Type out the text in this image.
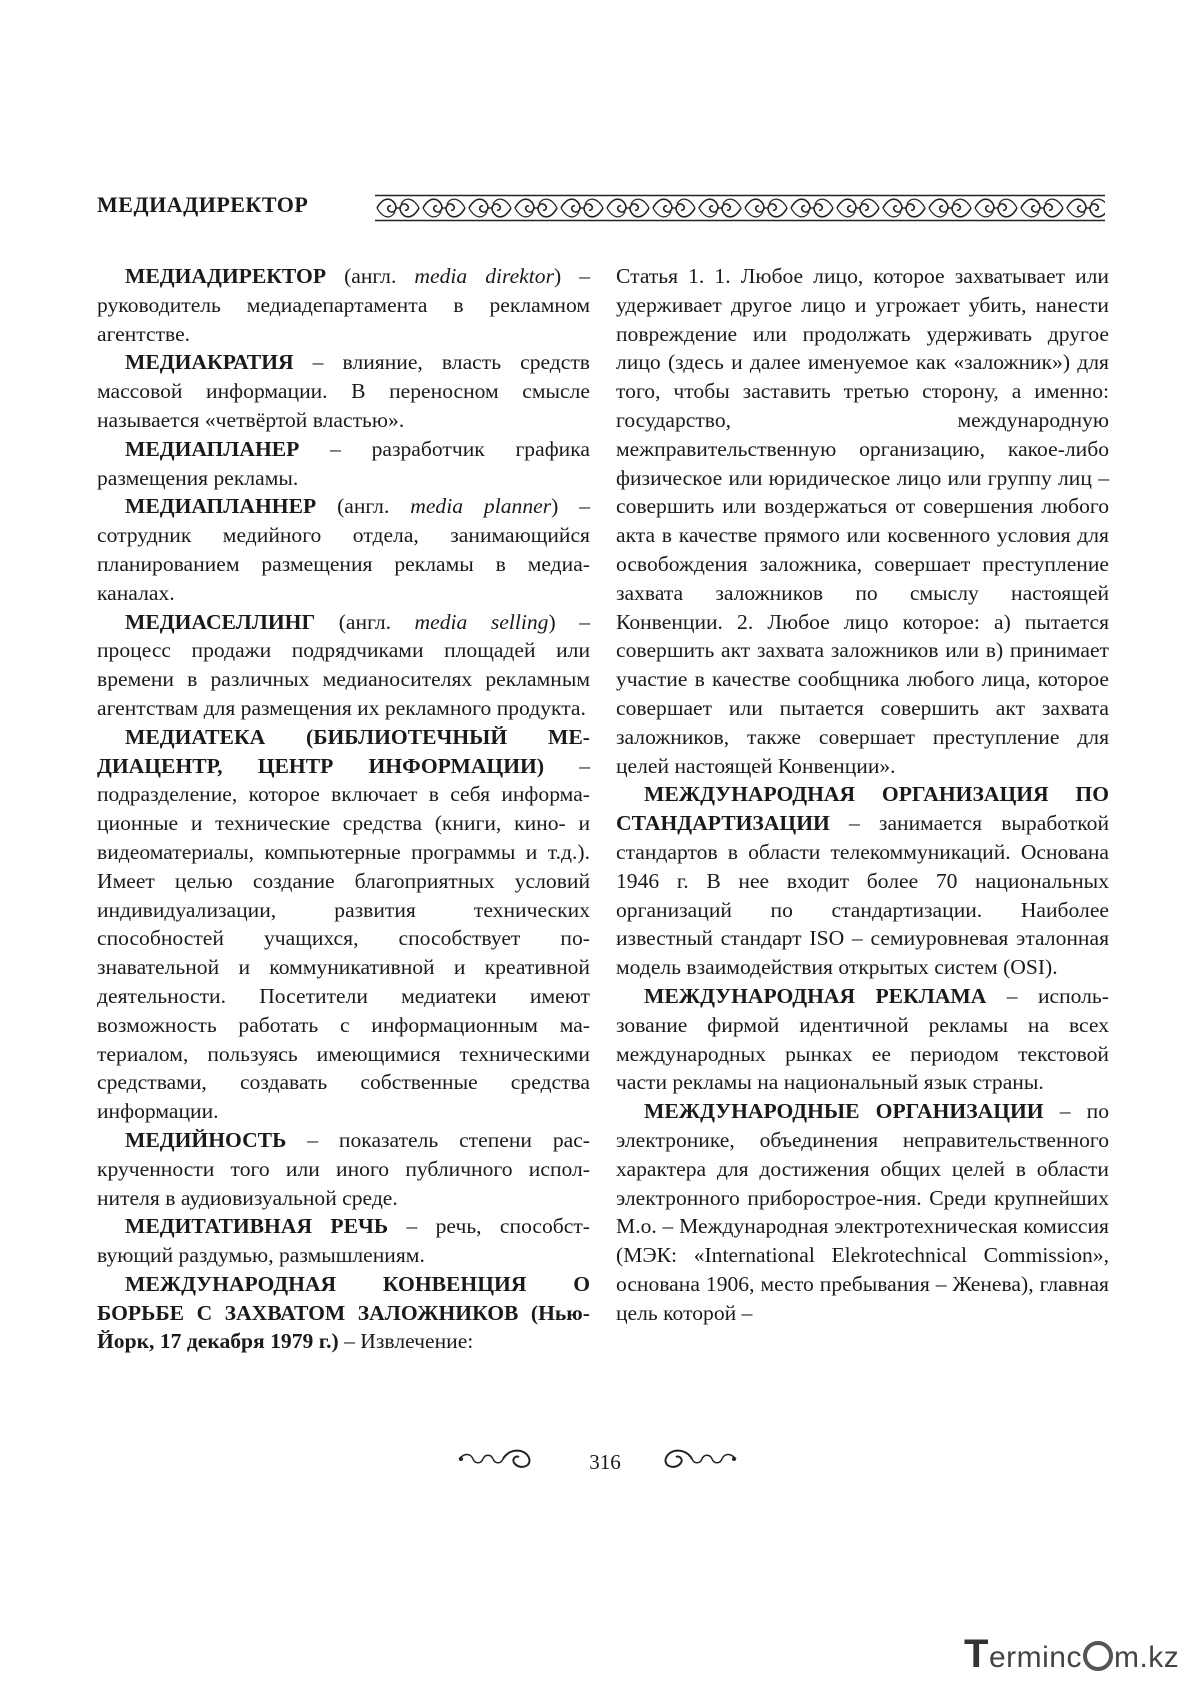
МЕДИАДИРЕКТОР

МЕДИАДИРЕКТОР (англ. media direktor) – руководитель медиадепартамента в рекламном агентстве.

МЕДИАКРАТИЯ – влияние, власть средств массовой информации. В переносном смысле называется «четвёртой властью».

МЕДИАПЛАНЕР – разработчик графика размещения рекламы.

МЕДИАПЛАННЕР (англ. media planner) – сотрудник медийного отдела, занимающийся планированием размещения рекламы в медиаканалах.

МЕДИАСЕЛЛИНГ (англ. media selling) – процесс продажи подрядчиками площадей или времени в различных медианосителях рекламным агентствам для размещения их рекламного продукта.

МЕДИАТЕКА (БИБЛИОТЕЧНЫЙ МЕДИАЦЕНТР, ЦЕНТР ИНФОРМАЦИИ) – подразделение, которое включает в себя информационные и технические средства (книги, кино- и видеоматериалы, компьютерные программы и т.д.). Имеет целью создание благоприятных условий индивидуализации, развития технических способностей учащихся, способствует познавательной и коммуникативной и креативной деятельности. Посетители медиатеки имеют возможность работать с информационным материалом, пользуясь имеющимися техническими средствами, создавать собственные средства информации.

МЕДИЙНОСТЬ – показатель степени раскрученности того или иного публичного исполнителя в аудиовизуальной среде.

МЕДИТАТИВНАЯ РЕЧЬ – речь, способствующий раздумью, размышлениям.

МЕЖДУНАРОДНАЯ КОНВЕНЦИЯ О БОРЬБЕ С ЗАХВАТОМ ЗАЛОЖНИКОВ (Нью-Йорк, 17 декабря 1979 г.) – Извлечение:

Статья 1. 1. Любое лицо, которое захватывает или удерживает другое лицо и угрожает убить, нанести повреждение или продолжать удерживать другое лицо (здесь и далее именуемое как «заложник») для того, чтобы заставить третью сторону, а именно: государство, международную межправительственную организацию, какое-либо физическое или юридическое лицо или группу лиц – совершить или воздержаться от совершения любого акта в качестве прямого или косвенного условия для освобождения заложника, совершает преступление захвата заложников по смыслу настоящей Конвенции. 2. Любое лицо которое: а) пытается совершить акт захвата заложников или в) принимает участие в качестве сообщника любого лица, которое совершает или пытается совершить акт захвата заложников, также совершает преступление для целей настоящей Конвенции».

МЕЖДУНАРОДНАЯ ОРГАНИЗАЦИЯ ПО СТАНДАРТИЗАЦИИ – занимается выработкой стандартов в области телекоммуникаций. Основана 1946 г. В нее входит более 70 национальных организаций по стандартизации. Наиболее известный стандарт ISO – семиуровневая эталонная модель взаимодействия открытых систем (OSI).

МЕЖДУНАРОДНАЯ РЕКЛАМА – использование фирмой идентичной рекламы на всех международных рынках ее периодом текстовой части рекламы на национальный язык страны.

МЕЖДУНАРОДНЫЕ ОРГАНИЗАЦИИ – по электронике, объединения неправительственного характера для достижения общих целей в области электронного приборострое-ния. Среди крупнейших М.о. – Международная электротехническая комиссия (МЭК: «International Elekrotechnical Commission», основана 1906, место пребывания – Женева), главная цель которой –

316
Terminc m.kz
